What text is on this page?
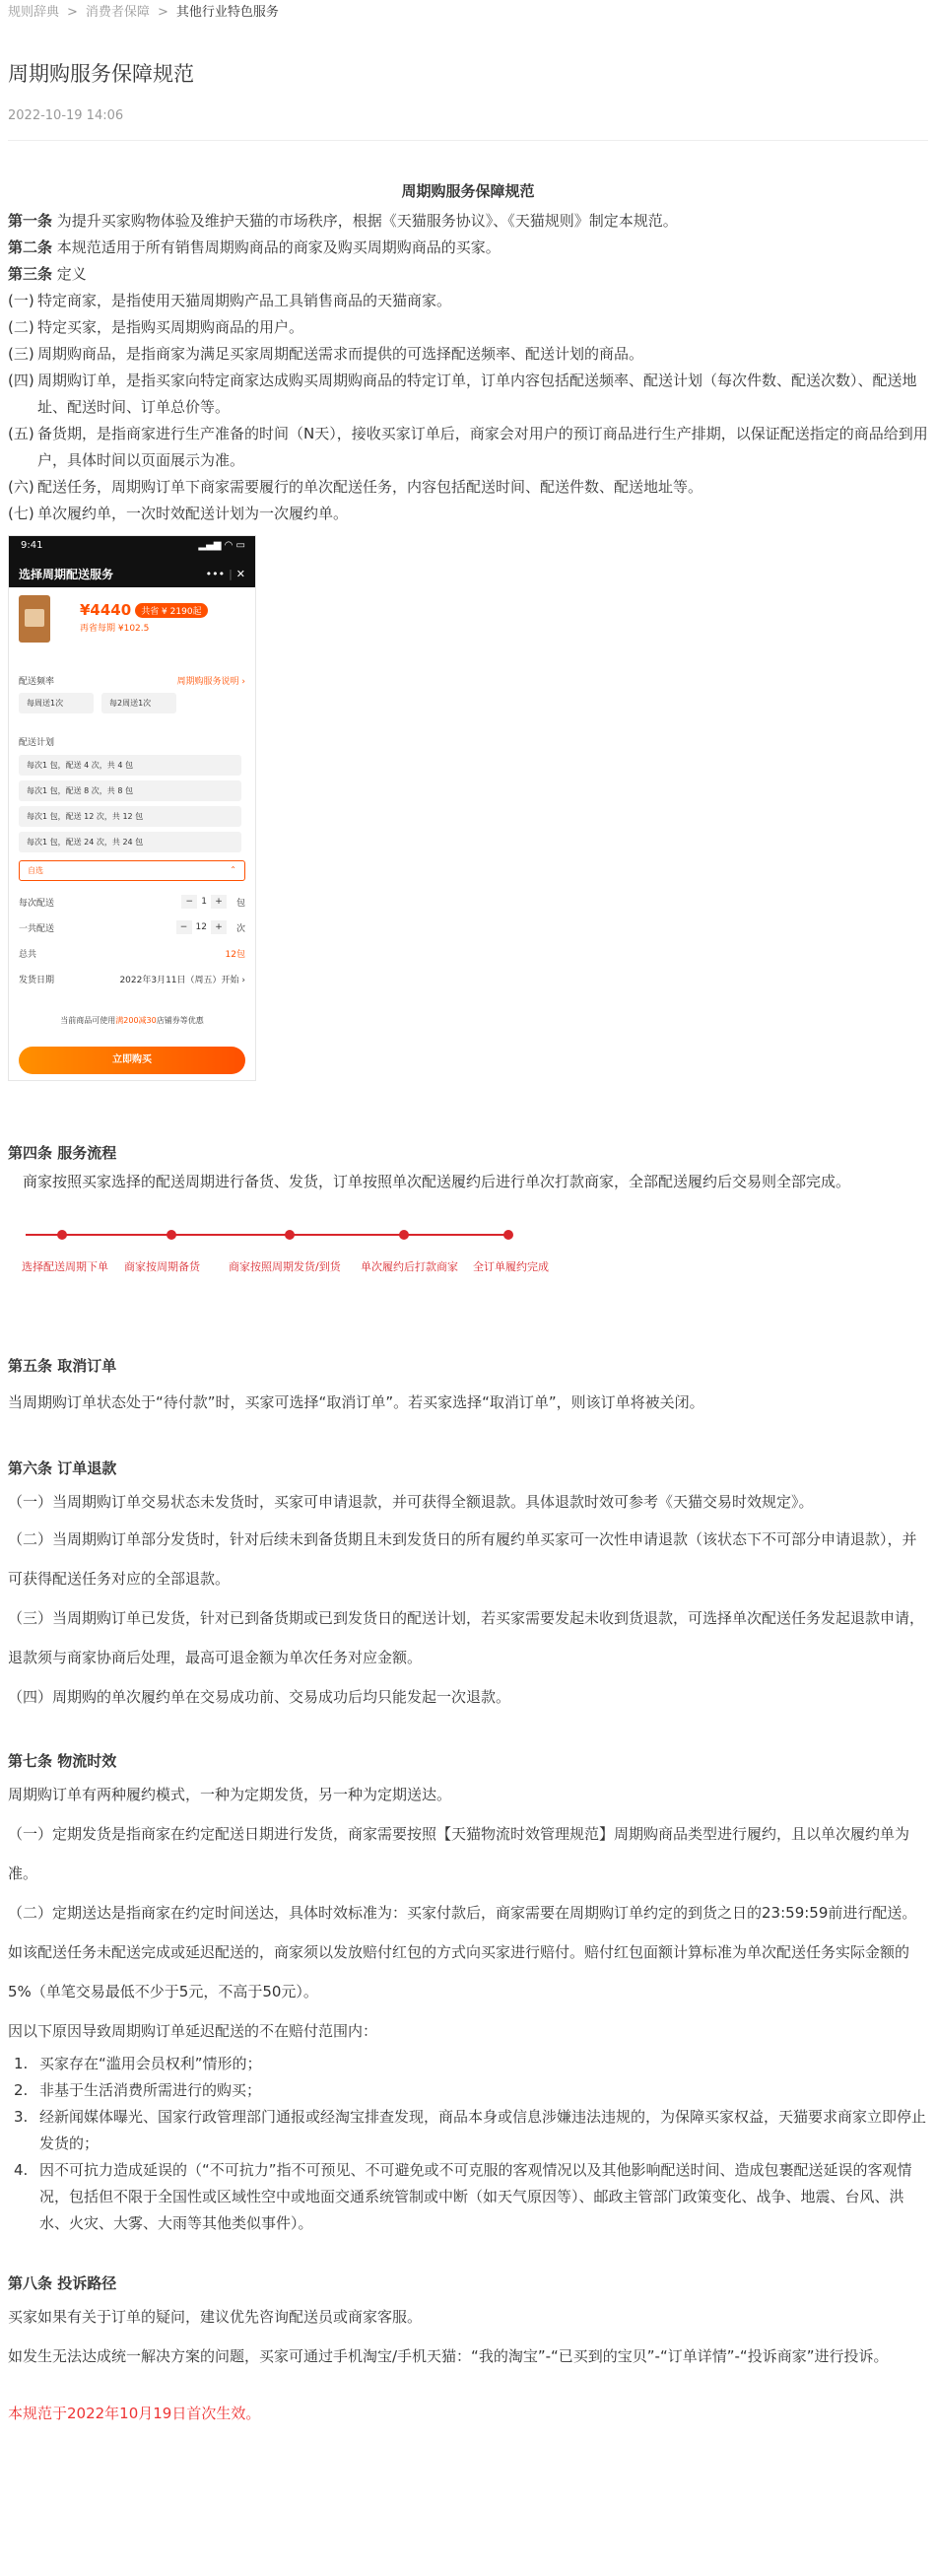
规则辞典 > 消费者保障 > 其他行业特色服务
周期购服务保障规范
2022-10-19 14:06
周期购服务保障规范
第一条 为提升买家购物体验及维护天猫的市场秩序，根据《天猫服务协议》、《天猫规则》制定本规范。
第二条 本规范适用于所有销售周期购商品的商家及购买周期购商品的买家。
第三条 定义
(一) 特定商家，是指使用天猫周期购产品工具销售商品的天猫商家。
(二) 特定买家，是指购买周期购商品的用户。
(三) 周期购商品，是指商家为满足买家周期配送需求而提供的可选择配送频率、配送计划的商品。
(四) 周期购订单，是指买家向特定商家达成购买周期购商品的特定订单，订单内容包括配送频率、配送计划（每次件数、配送次数）、配送地址、配送时间、订单总价等。
(五) 备货期，是指商家进行生产准备的时间（N天），接收买家订单后，商家会对用户的预订商品进行生产排期，以保证配送指定的商品给到用户，具体时间以页面展示为准。
(六) 配送任务，周期购订单下商家需要履行的单次配送任务，内容包括配送时间、配送件数、配送地址等。
(七) 单次履约单，一次时效配送计划为一次履约单。
9:41	▂▄▆ ◠ ▭
选择周期配送服务	••• | ✕
¥4440 共省 ¥ 2190起
再省每期 ¥102.5
配送频率	周期购服务说明 ›
每周送1次	每2周送1次
配送计划
每次1 包，配送 4 次，共 4 包
每次1 包，配送 8 次，共 8 包
每次1 包，配送 12 次，共 12 包
每次1 包，配送 24 次，共 24 包
自选	⌃
每次配送	− 1 +	包
一共配送	− 12 +	次
总共	12包
发货日期	2022年3月11日（周五）开始 ›
当前商品可使用满200减30店铺券等优惠
立即购买
第四条 服务流程
商家按照买家选择的配送周期进行备货、发货，订单按照单次配送履约后进行单次打款商家，全部配送履约后交易则全部完成。
选择配送周期下单	商家按周期备货	商家按照周期发货/到货	单次履约后打款商家	全订单履约完成
第五条 取消订单
当周期购订单状态处于“待付款”时，买家可选择“取消订单”。若买家选择“取消订单”，则该订单将被关闭。
第六条 订单退款
（一）当周期购订单交易状态未发货时，买家可申请退款，并可获得全额退款。具体退款时效可参考《天猫交易时效规定》。
（二）当周期购订单部分发货时，针对后续未到备货期且未到发货日的所有履约单买家可一次性申请退款（该状态下不可部分申请退款），并可获得配送任务对应的全部退款。
（三）当周期购订单已发货，针对已到备货期或已到发货日的配送计划，若买家需要发起未收到货退款，可选择单次配送任务发起退款申请，退款须与商家协商后处理，最高可退金额为单次任务对应金额。
（四）周期购的单次履约单在交易成功前、交易成功后均只能发起一次退款。
第七条 物流时效
周期购订单有两种履约模式，一种为定期发货，另一种为定期送达。
（一）定期发货是指商家在约定配送日期进行发货，商家需要按照【天猫物流时效管理规范】周期购商品类型进行履约，且以单次履约单为准。
（二）定期送达是指商家在约定时间送达，具体时效标准为：买家付款后，商家需要在周期购订单约定的到货之日的23:59:59前进行配送。如该配送任务未配送完成或延迟配送的，商家须以发放赔付红包的方式向买家进行赔付。赔付红包面额计算标准为单次配送任务实际金额的5%（单笔交易最低不少于5元，不高于50元）。
因以下原因导致周期购订单延迟配送的不在赔付范围内：
1. 买家存在“滥用会员权利”情形的；
2. 非基于生活消费所需进行的购买；
3. 经新闻媒体曝光、国家行政管理部门通报或经淘宝排查发现，商品本身或信息涉嫌违法违规的，为保障买家权益，天猫要求商家立即停止发货的；
4. 因不可抗力造成延误的（“不可抗力”指不可预见、不可避免或不可克服的客观情况以及其他影响配送时间、造成包裹配送延误的客观情况，包括但不限于全国性或区域性空中或地面交通系统管制或中断（如天气原因等）、邮政主管部门政策变化、战争、地震、台风、洪水、火灾、大雾、大雨等其他类似事件）。
第八条 投诉路径
买家如果有关于订单的疑问，建议优先咨询配送员或商家客服。
如发生无法达成统一解决方案的问题，买家可通过手机淘宝/手机天猫：“我的淘宝”-“已买到的宝贝”-“订单详情”-“投诉商家”进行投诉。
本规范于2022年10月19日首次生效。
